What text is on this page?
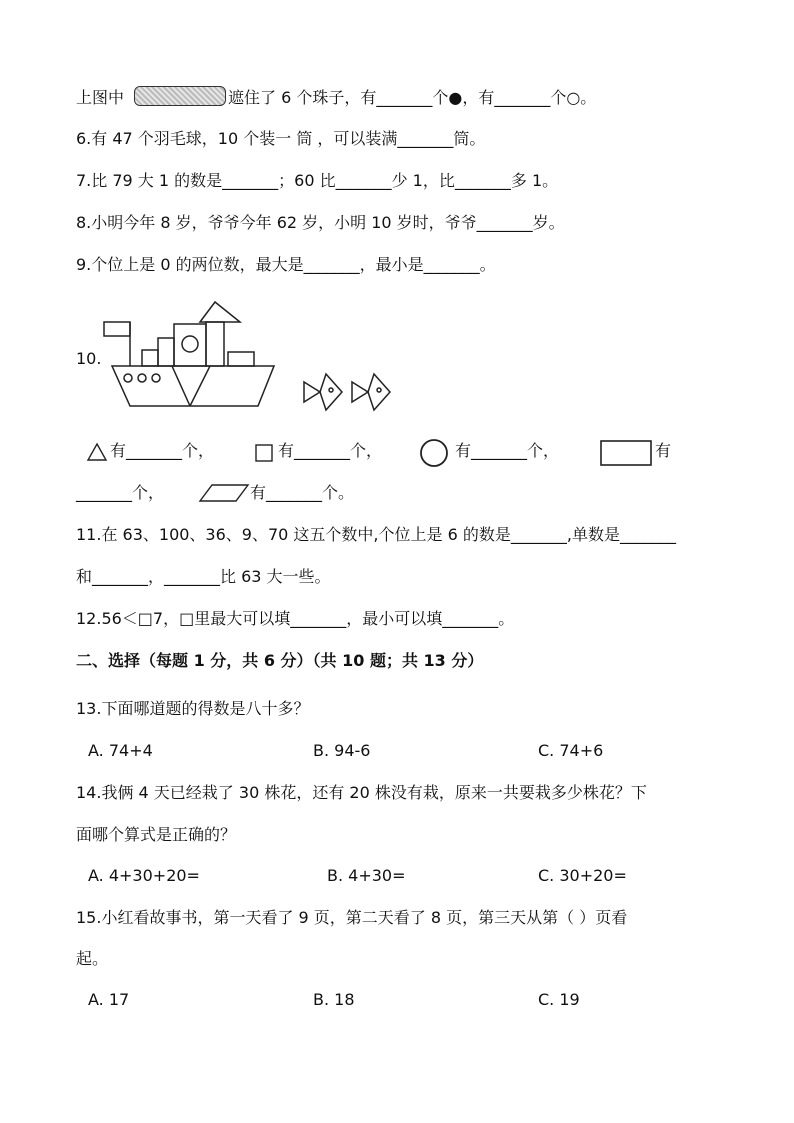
上图中	遮住了 6 个珠子，有_______个●，有_______个○。
6.有 47 个羽毛球，10 个装一 筒 ，可以装满_______筒。
7.比 79 大 1 的数是_______；60 比_______少 1，比_______多 1。
8.小明今年 8 岁，爷爷今年 62 岁，小明 10 岁时，爷爷_______岁。
9.个位上是 0 的两位数，最大是_______，最小是_______。
10.
有_______个，	有_______个，	有_______个，	有
_______个，	有_______个。
11.在 63、100、36、9、70 这五个数中,个位上是 6 的数是_______,单数是_______
和_______，_______比 63 大一些。
12.56＜□7，□里最大可以填_______，最小可以填_______。
二、选择（每题 1 分，共 6 分）（共 10 题；共 13 分）
13.下面哪道题的得数是八十多？
A. 74+4	B. 94-6	C. 74+6
14.我俩 4 天已经栽了 30 株花，还有 20 株没有栽，原来一共要栽多少株花？下
面哪个算式是正确的？
A. 4+30+20=	B. 4+30=	C. 30+20=
15.小红看故事书，第一天看了 9 页，第二天看了 8 页，第三天从第（ ）页看
起。
A. 17	B. 18	C. 19
